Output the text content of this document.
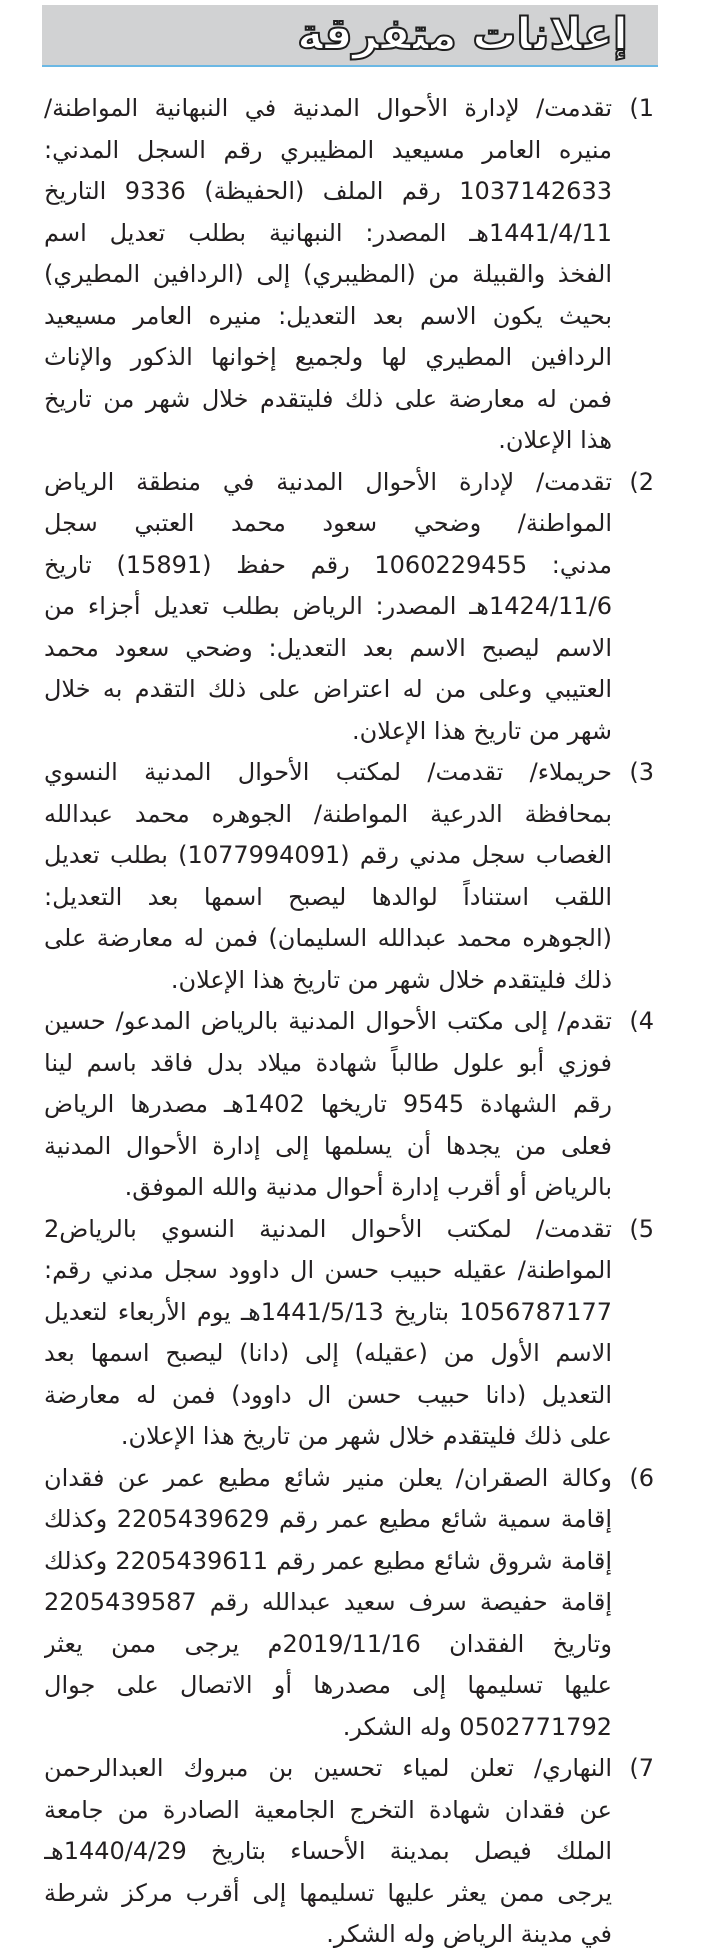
إعلانات متفرقة
1)
تقدمت/ لإدارة الأحوال المدنية في النبهانية المواطنة/
منيره العامر مسيعيد المظيبري رقم السجل المدني:
1037142633 رقم الملف (الحفيظة) 9336 التاريخ
1441/4/11هـ المصدر: النبهانية بطلب تعديل اسم
الفخذ والقبيلة من (المظيبري) إلى (الردافين المطيري)
بحيث يكون الاسم بعد التعديل: منيره العامر مسيعيد
الردافين المطيري لها ولجميع إخوانها الذكور والإناث
فمن له معارضة على ذلك فليتقدم خلال شهر من تاريخ
هذا الإعلان.
2)
تقدمت/ لإدارة الأحوال المدنية في منطقة الرياض
المواطنة/ وضحي سعود محمد العتبي سجل
مدني: 1060229455 رقم حفظ (15891) تاريخ
1424/11/6هـ المصدر: الرياض بطلب تعديل أجزاء من
الاسم ليصبح الاسم بعد التعديل: وضحي سعود محمد
العتيبي وعلى من له اعتراض على ذلك التقدم به خلال
شهر من تاريخ هذا الإعلان.
3)
حريملاء/ تقدمت/ لمكتب الأحوال المدنية النسوي
بمحافظة الدرعية المواطنة/ الجوهره محمد عبدالله
الغصاب سجل مدني رقم (1077994091) بطلب تعديل
اللقب استناداً لوالدها ليصبح اسمها بعد التعديل:
(الجوهره محمد عبدالله السليمان) فمن له معارضة على
ذلك فليتقدم خلال شهر من تاريخ هذا الإعلان.
4)
تقدم/ إلى مكتب الأحوال المدنية بالرياض المدعو/ حسين
فوزي أبو علول طالباً شهادة ميلاد بدل فاقد باسم لينا
رقم الشهادة 9545 تاريخها 1402هـ مصدرها الرياض
فعلى من يجدها أن يسلمها إلى إدارة الأحوال المدنية
بالرياض أو أقرب إدارة أحوال مدنية والله الموفق.
5)
تقدمت/ لمكتب الأحوال المدنية النسوي بالرياض2
المواطنة/ عقيله حبيب حسن ال داوود سجل مدني رقم:
1056787177 بتاريخ 1441/5/13هـ يوم الأربعاء لتعديل
الاسم الأول من (عقيله) إلى (دانا) ليصبح اسمها بعد
التعديل (دانا حبيب حسن ال داوود) فمن له معارضة
على ذلك فليتقدم خلال شهر من تاريخ هذا الإعلان.
6)
وكالة الصقران/ يعلن منير شائع مطيع عمر عن فقدان
إقامة سمية شائع مطيع عمر رقم 2205439629 وكذلك
إقامة شروق شائع مطيع عمر رقم 2205439611 وكذلك
إقامة حفيصة سرف سعيد عبدالله رقم 2205439587
وتاريخ الفقدان 2019/11/16م يرجى ممن يعثر
عليها تسليمها إلى مصدرها أو الاتصال على جوال
0502771792 وله الشكر.
7)
النهاري/ تعلن لمياء تحسين بن مبروك العبدالرحمن
عن فقدان شهادة التخرج الجامعية الصادرة من جامعة
الملك فيصل بمدينة الأحساء بتاريخ 1440/4/29هـ
يرجى ممن يعثر عليها تسليمها إلى أقرب مركز شرطة
في مدينة الرياض وله الشكر.
